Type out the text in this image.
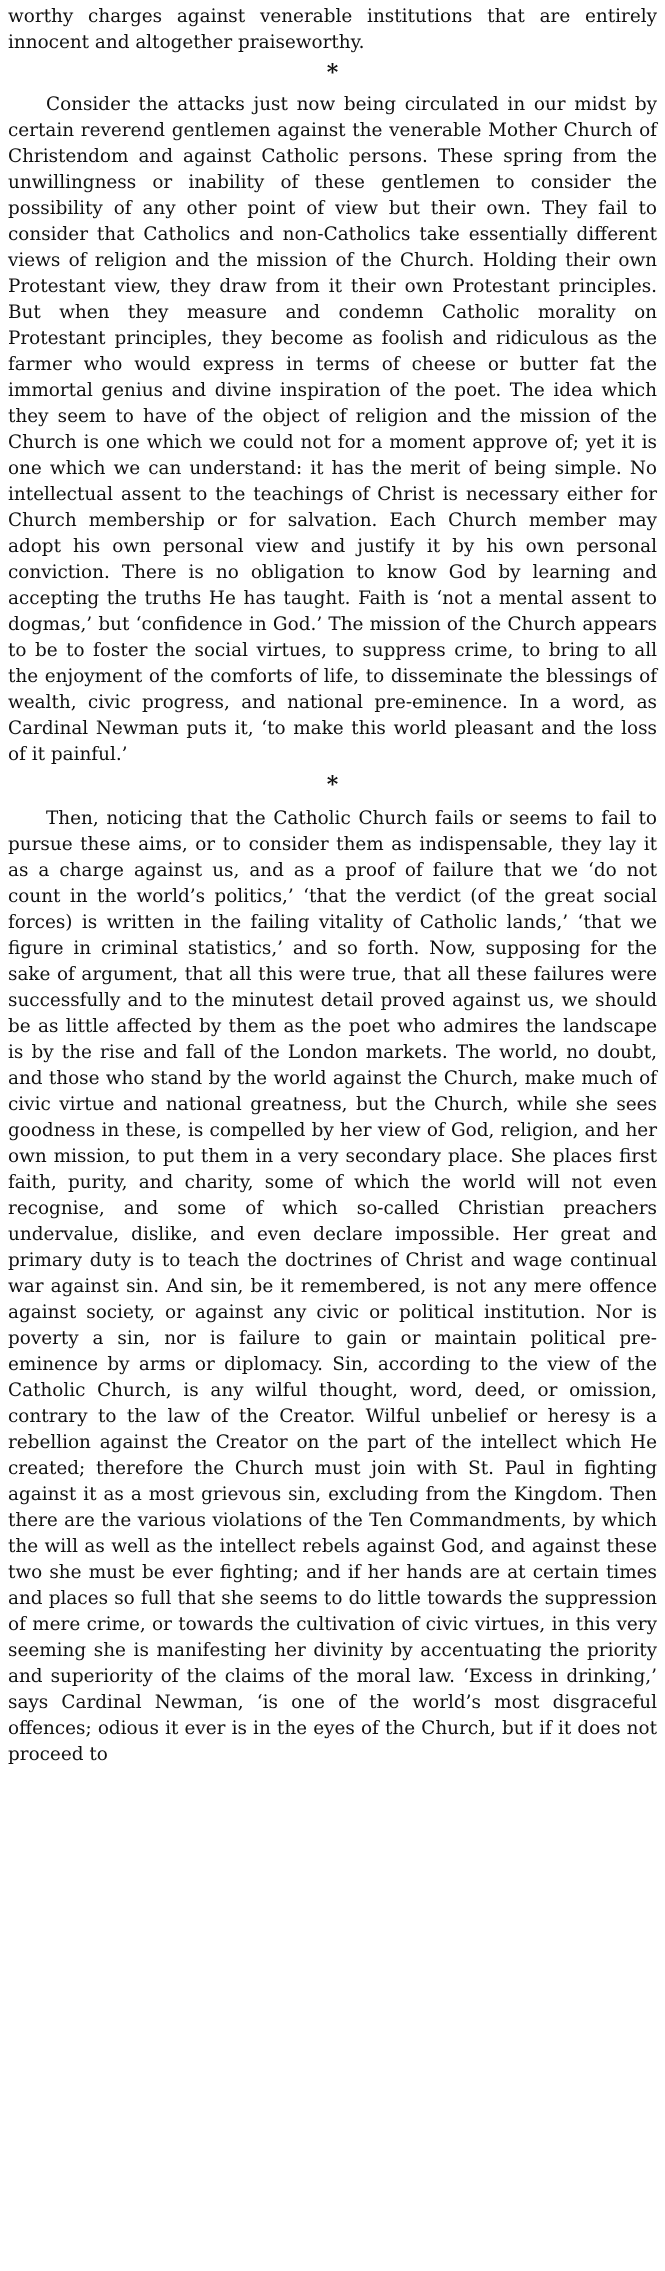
worthy charges against venerable institutions that are entirely innocent and altogether praiseworthy.

*

Consider the attacks just now being circulated in our midst by certain reverend gentlemen against the venerable Mother Church of Christendom and against Catholic persons. These spring from the unwillingness or inability of these gentlemen to consider the possibility of any other point of view but their own. They fail to consider that Catholics and non-Catholics take essentially different views of religion and the mission of the Church. Holding their own Protestant view, they draw from it their own Protestant principles. But when they measure and condemn Catholic morality on Protestant principles, they become as foolish and ridiculous as the farmer who would express in terms of cheese or butter fat the immortal genius and divine inspiration of the poet. The idea which they seem to have of the object of religion and the mission of the Church is one which we could not for a moment approve of; yet it is one which we can understand: it has the merit of being simple. No intellectual assent to the teachings of Christ is necessary either for Church membership or for salvation. Each Church member may adopt his own personal view and justify it by his own personal conviction. There is no obligation to know God by learning and accepting the truths He has taught. Faith is ‘not a mental assent to dogmas,’ but ‘confidence in God.’ The mission of the Church appears to be to foster the social virtues, to suppress crime, to bring to all the enjoyment of the comforts of life, to disseminate the blessings of wealth, civic progress, and national pre-eminence. In a word, as Cardinal Newman puts it, ‘to make this world pleasant and the loss of it painful.’

*

Then, noticing that the Catholic Church fails or seems to fail to pursue these aims, or to consider them as indispensable, they lay it as a charge against us, and as a proof of failure that we ‘do not count in the world’s politics,’ ‘that the verdict (of the great social forces) is written in the failing vitality of Catholic lands,’ ‘that we figure in criminal statistics,’ and so forth. Now, supposing for the sake of argument, that all this were true, that all these failures were successfully and to the minutest detail proved against us, we should be as little affected by them as the poet who admires the landscape is by the rise and fall of the London markets. The world, no doubt, and those who stand by the world against the Church, make much of civic virtue and national greatness, but the Church, while she sees goodness in these, is compelled by her view of God, religion, and her own mission, to put them in a very secondary place. She places first faith, purity, and charity, some of which the world will not even recognise, and some of which so-called Christian preachers undervalue, dislike, and even declare impossible. Her great and primary duty is to teach the doctrines of Christ and wage continual war against sin. And sin, be it remembered, is not any mere offence against society, or against any civic or political institution. Nor is poverty a sin, nor is failure to gain or maintain political pre-eminence by arms or diplomacy. Sin, according to the view of the Catholic Church, is any wilful thought, word, deed, or omission, contrary to the law of the Creator. Wilful unbelief or heresy is a rebellion against the Creator on the part of the intellect which He created; therefore the Church must join with St. Paul in fighting against it as a most grievous sin, excluding from the Kingdom. Then there are the various violations of the Ten Commandments, by which the will as well as the intellect rebels against God, and against these two she must be ever fighting; and if her hands are at certain times and places so full that she seems to do little towards the suppression of mere crime, or towards the cultivation of civic virtues, in this very seeming she is manifesting her divinity by accentuating the priority and superiority of the claims of the moral law. ‘Excess in drinking,’ says Cardinal Newman, ‘is one of the world’s most disgraceful offences; odious it ever is in the eyes of the Church, but if it does not proceed to
